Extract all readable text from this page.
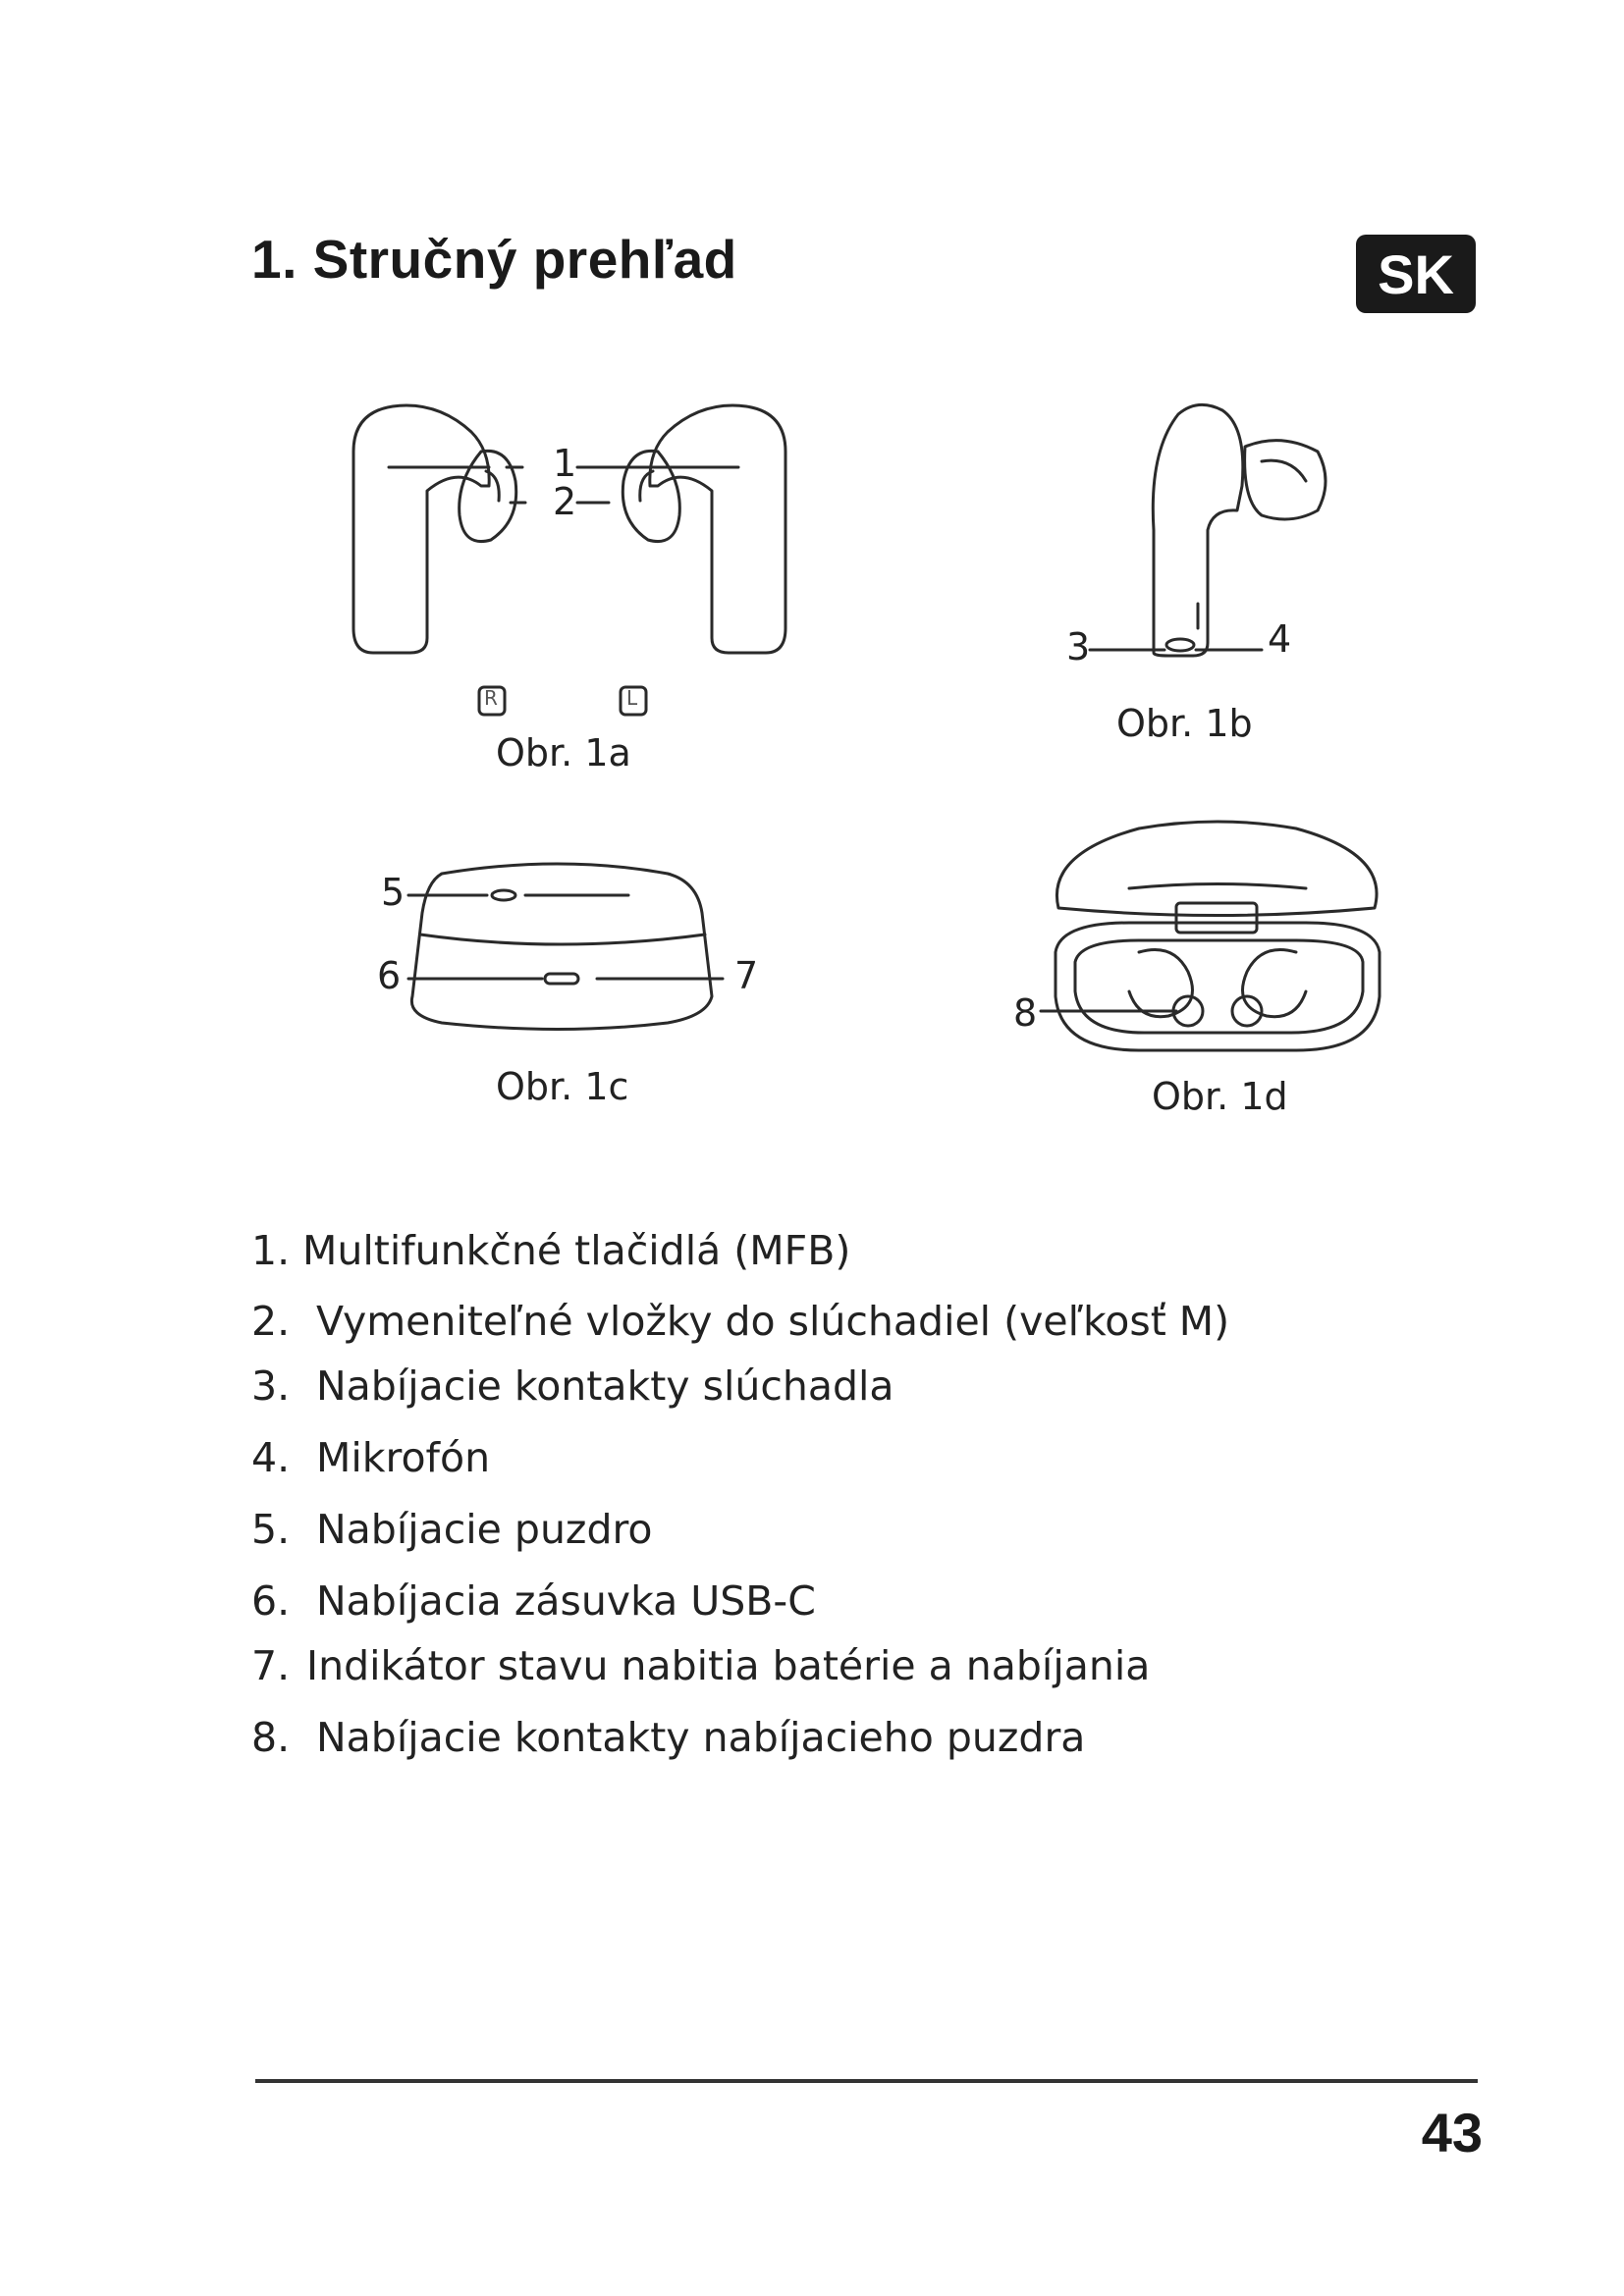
1. Stručný prehľad	SK
1
2
R	L
Obr. 1a
3	4
Obr. 1b
5
6	7
Obr. 1c
8
Obr. 1d
1. Multifunkčné tlačidlá (MFB)
2. Vymeniteľné vložky do slúchadiel (veľkosť M)
3. Nabíjacie kontakty slúchadla
4. Mikrofón
5. Nabíjacie puzdro
6. Nabíjacia zásuvka USB-C
7. Indikátor stavu nabitia batérie a nabíjania
8. Nabíjacie kontakty nabíjacieho puzdra
43
